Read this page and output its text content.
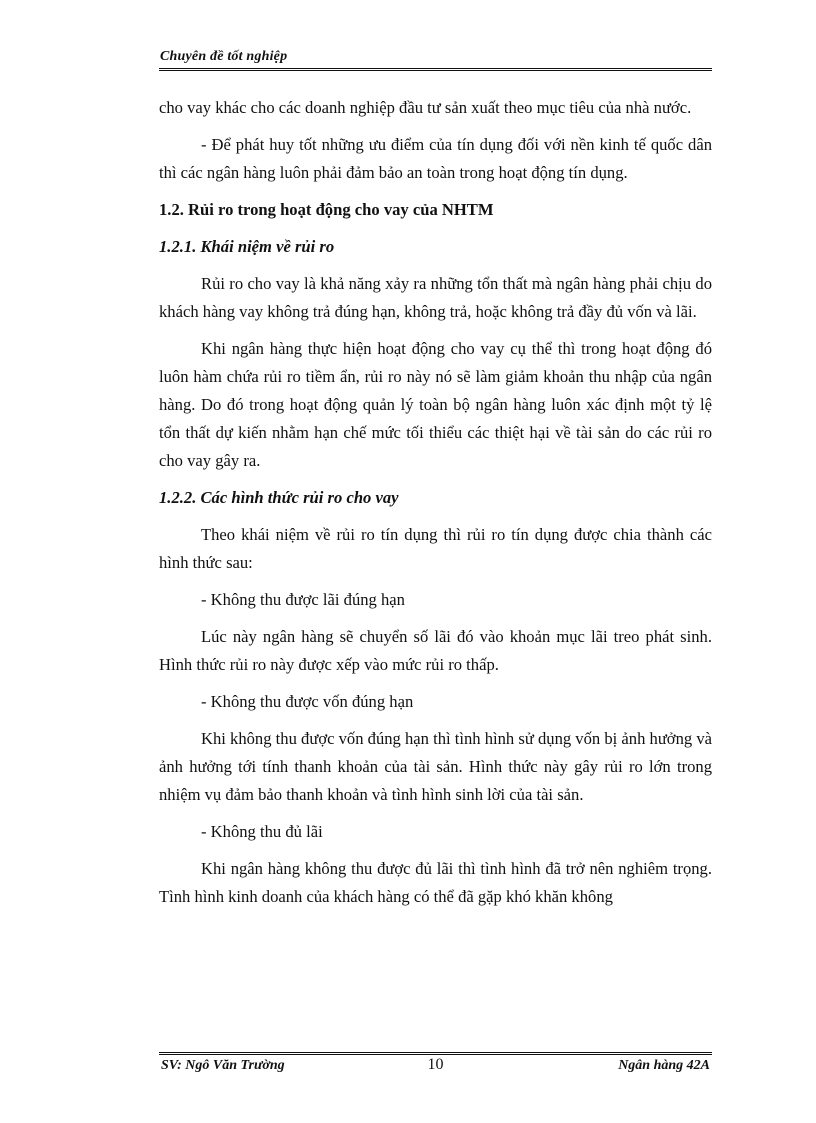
Chuyên đề tốt nghiệp

cho vay khác cho các doanh nghiệp đầu tư sản xuất theo mục tiêu của nhà nước.

- Để phát huy tốt những ưu điểm của tín dụng đối với nền kinh tế quốc dân thì các ngân hàng luôn phải đảm bảo an toàn trong hoạt động tín dụng.

1.2. Rủi ro trong hoạt động cho vay của NHTM

1.2.1. Khái niệm về rủi ro

Rủi ro cho vay là khả năng xảy ra những tổn thất mà ngân hàng phải chịu do khách hàng vay không trả đúng hạn, không trả, hoặc không trả đầy đủ vốn và lãi.

Khi ngân hàng thực hiện hoạt động cho vay cụ thể thì trong hoạt động đó luôn hàm chứa rủi ro tiềm ẩn, rủi ro này nó sẽ làm giảm khoản thu nhập của ngân hàng. Do đó trong hoạt động quản lý toàn bộ ngân hàng luôn xác định một tỷ lệ tổn thất dự kiến nhằm hạn chế mức tối thiểu các thiệt hại về tài sản do các rủi ro cho vay gây ra.

1.2.2. Các hình thức rủi ro cho vay

Theo khái niệm về rủi ro tín dụng thì rủi ro tín dụng được chia thành các hình thức sau:

- Không thu được lãi đúng hạn

Lúc này ngân hàng sẽ chuyển số lãi đó vào khoản mục lãi treo phát sinh. Hình thức rủi ro này được xếp vào mức rủi ro thấp.

- Không thu được vốn đúng hạn

Khi không thu được vốn đúng hạn thì tình hình sử dụng vốn bị ảnh hưởng và ảnh hưởng tới tính thanh khoản của tài sản. Hình thức này gây rủi ro lớn trong nhiệm vụ đảm bảo thanh khoản và tình hình sinh lời của tài sản.

- Không thu đủ lãi

Khi ngân hàng không thu được đủ lãi thì tình hình đã trở nên nghiêm trọng. Tình hình kinh doanh của khách hàng có thể đã gặp khó khăn không

SV: Ngô Văn Trường	10	Ngân hàng 42A
